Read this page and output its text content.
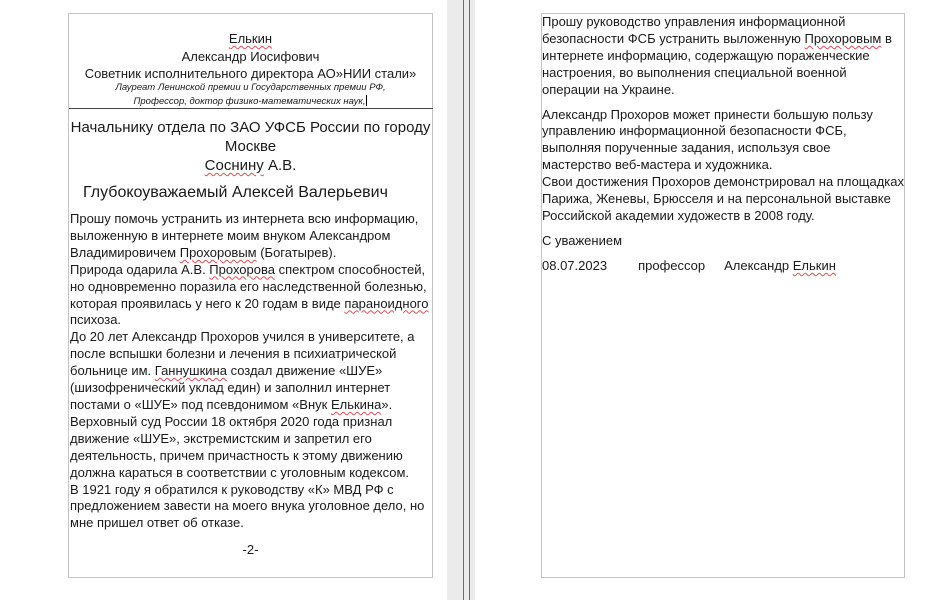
Елькин
Александр Иосифович
Советник исполнительного директора АО»НИИ стали»
Лауреат Ленинской премии и Государственных премии РФ,
Профессор, доктор физико-математических наук,
Начальнику отдела по ЗАО УФСБ России по городу
Москве
Соснину А.В.
Глубокоуважаемый Алексей Валерьевич
Прошу помочь устранить из интернета всю информацию,
выложенную в интернете моим внуком Александром
Владимировичем Прохоровым (Богатырев).
Природа одарила А.В. Прохорова спектром способностей,
но одновременно поразила его наследственной болезнью,
которая проявилась у него к 20 годам в виде параноидного
психоза.
До 20 лет Александр Прохоров учился в университете, а
после вспышки болезни и лечения в психиатрической
больнице им. Ганнушкина создал движение «ШУЕ»
(шизофренический уклад един) и заполнил интернет
постами о «ШУЕ» под псевдонимом «Внук Елькина».
Верховный суд России 18 октября 2020 года признал
движение «ШУЕ», экстремистским и запретил его
деятельность, причем причастность к этому движению
должна караться в соответствии с уголовным кодексом.
В 1921 году я обратился к руководству «К» МВД РФ с
предложением завести на моего внука уголовное дело, но
мне пришел ответ об отказе.
-2-
Прошу руководство управления информационной
безопасности ФСБ устранить выложенную Прохоровым в
интернете информацию, содержащую пораженческие
настроения, во выполнения специальной военной
операции на Украине.
Александр Прохоров может принести большую пользу
управлению информационной безопасности ФСБ,
выполняя порученные задания, используя свое
мастерство веб-мастера и художника.
Свои достижения Прохоров демонстрировал на площадках
Парижа, Женевы, Брюсселя и на персональной выставке
Российской академии художеств в 2008 году.
С уважением
08.07.2023 профессор Александр Елькин
